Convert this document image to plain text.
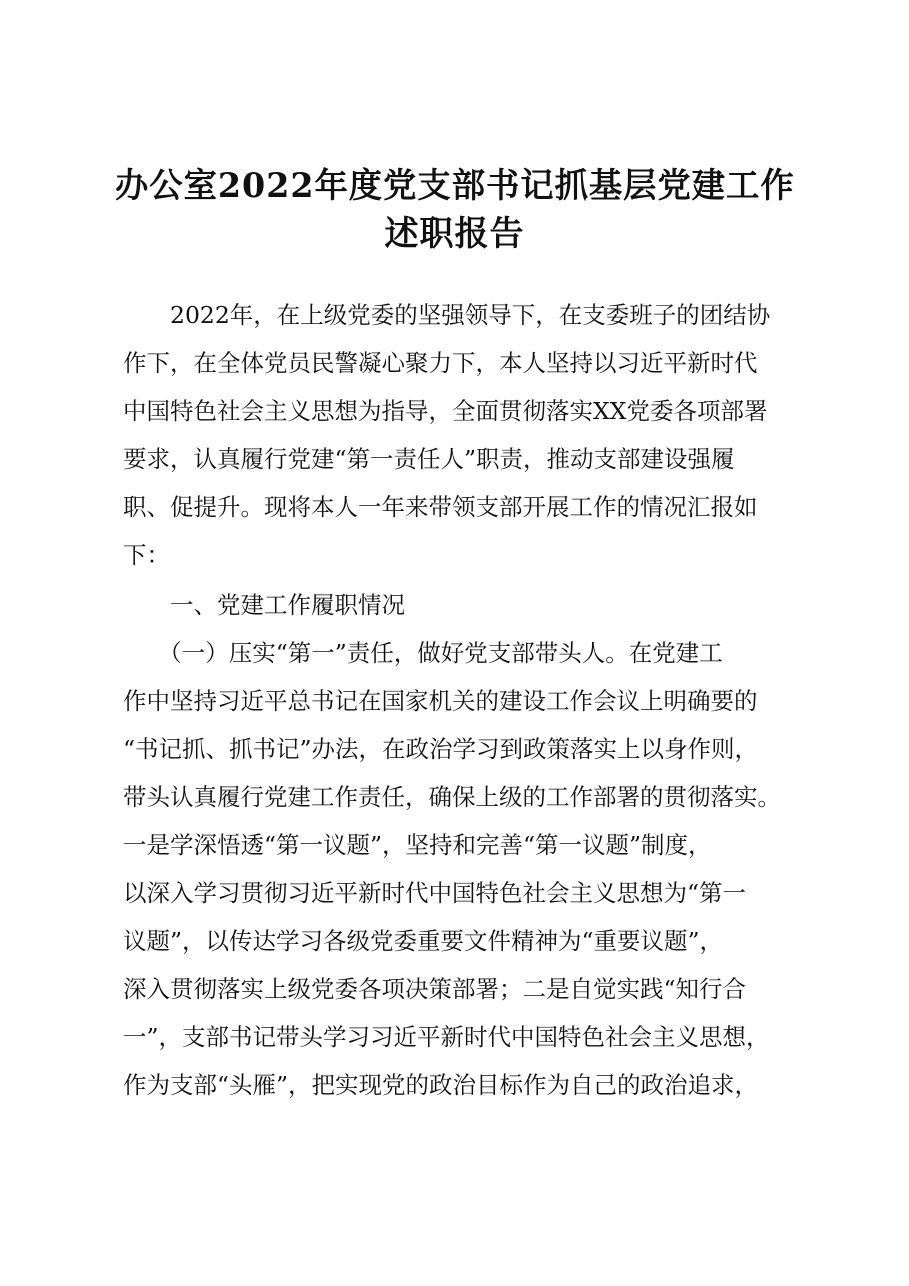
办公室2022年度党支部书记抓基层党建工作
述职报告
　　2022年，在上级党委的坚强领导下，在支委班子的团结协
作下，在全体党员民警凝心聚力下，本人坚持以习近平新时代
中国特色社会主义思想为指导，全面贯彻落实XX党委各项部署
要求，认真履行党建“第一责任人”职责，推动支部建设强履
职、促提升。现将本人一年来带领支部开展工作的情况汇报如
下：
　　一、党建工作履职情况
　　（一）压实“第一”责任，做好党支部带头人。在党建工
作中坚持习近平总书记在国家机关的建设工作会议上明确要的
“书记抓、抓书记”办法，在政治学习到政策落实上以身作则，
带头认真履行党建工作责任，确保上级的工作部署的贯彻落实。
一是学深悟透“第一议题”，坚持和完善“第一议题”制度，
以深入学习贯彻习近平新时代中国特色社会主义思想为“第一
议题”，以传达学习各级党委重要文件精神为“重要议题”，
深入贯彻落实上级党委各项决策部署；二是自觉实践“知行合
一”，支部书记带头学习习近平新时代中国特色社会主义思想，
作为支部“头雁”，把实现党的政治目标作为自己的政治追求，
